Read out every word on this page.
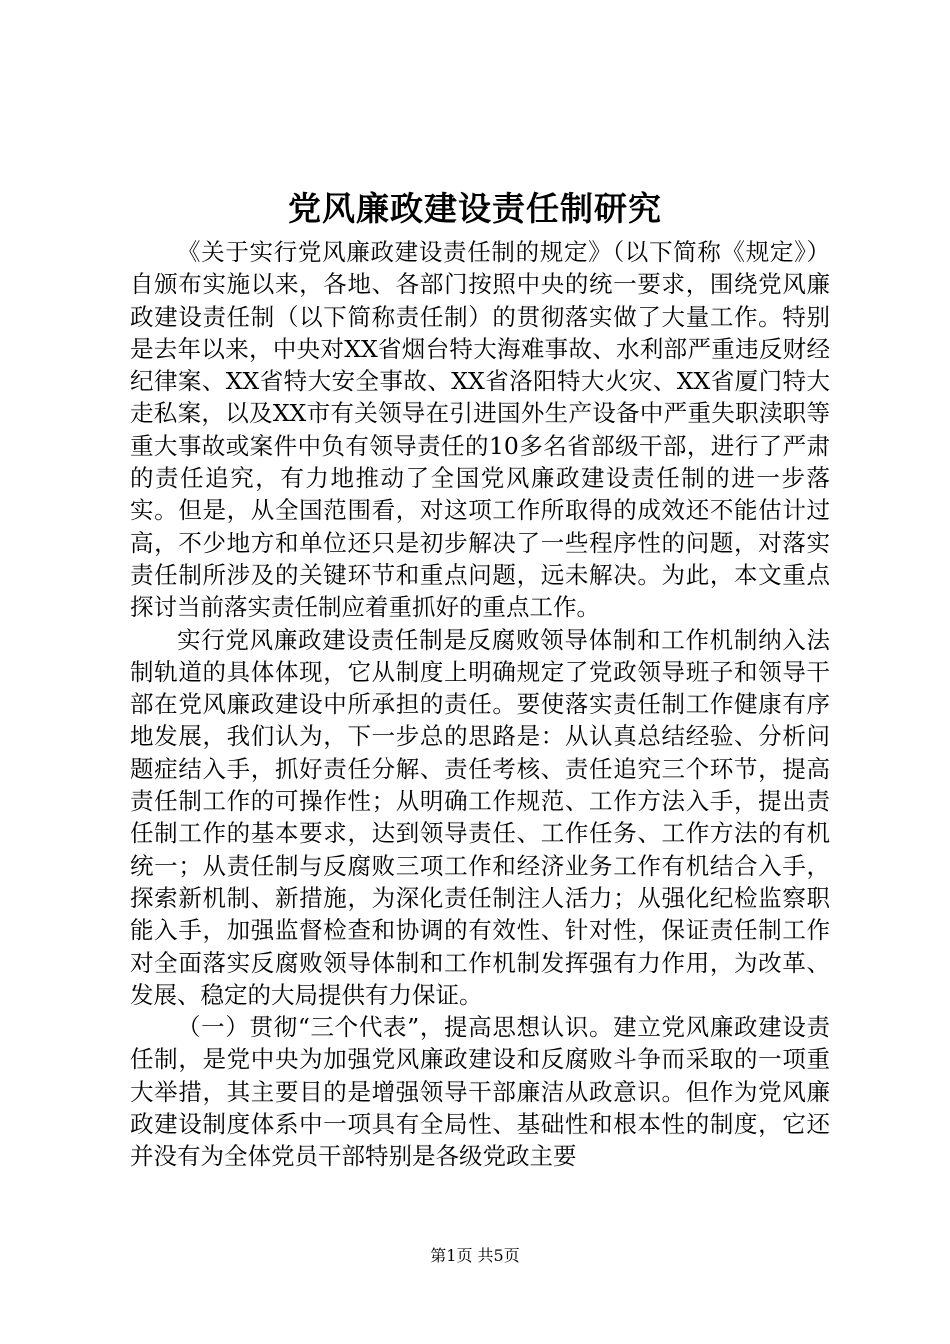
党风廉政建设责任制研究

《关于实行党风廉政建设责任制的规定》（以下简称《规定》）自颁布实施以来，各地、各部门按照中央的统一要求，围绕党风廉政建设责任制（以下简称责任制）的贯彻落实做了大量工作。特别是去年以来，中央对XX省烟台特大海难事故、水利部严重违反财经纪律案、XX省特大安全事故、XX省洛阳特大火灾、XX省厦门特大走私案，以及XX市有关领导在引进国外生产设备中严重失职渎职等重大事故或案件中负有领导责任的10多名省部级干部，进行了严肃的责任追究，有力地推动了全国党风廉政建设责任制的进一步落实。但是，从全国范围看，对这项工作所取得的成效还不能估计过高，不少地方和单位还只是初步解决了一些程序性的问题，对落实责任制所涉及的关键环节和重点问题，远未解决。为此，本文重点探讨当前落实责任制应着重抓好的重点工作。

实行党风廉政建设责任制是反腐败领导体制和工作机制纳入法制轨道的具体体现，它从制度上明确规定了党政领导班子和领导干部在党风廉政建设中所承担的责任。要使落实责任制工作健康有序地发展，我们认为，下一步总的思路是：从认真总结经验、分析问题症结入手，抓好责任分解、责任考核、责任追究三个环节，提高责任制工作的可操作性；从明确工作规范、工作方法入手，提出责任制工作的基本要求，达到领导责任、工作任务、工作方法的有机统一；从责任制与反腐败三项工作和经济业务工作有机结合入手，探索新机制、新措施，为深化责任制注人活力；从强化纪检监察职能入手，加强监督检查和协调的有效性、针对性，保证责任制工作对全面落实反腐败领导体制和工作机制发挥强有力作用，为改革、发展、稳定的大局提供有力保证。

（一）贯彻“三个代表”，提高思想认识。建立党风廉政建设责任制，是党中央为加强党风廉政建设和反腐败斗争而采取的一项重大举措，其主要目的是增强领导干部廉洁从政意识。但作为党风廉政建设制度体系中一项具有全局性、基础性和根本性的制度，它还并没有为全体党员干部特别是各级党政主要

第1页 共5页
